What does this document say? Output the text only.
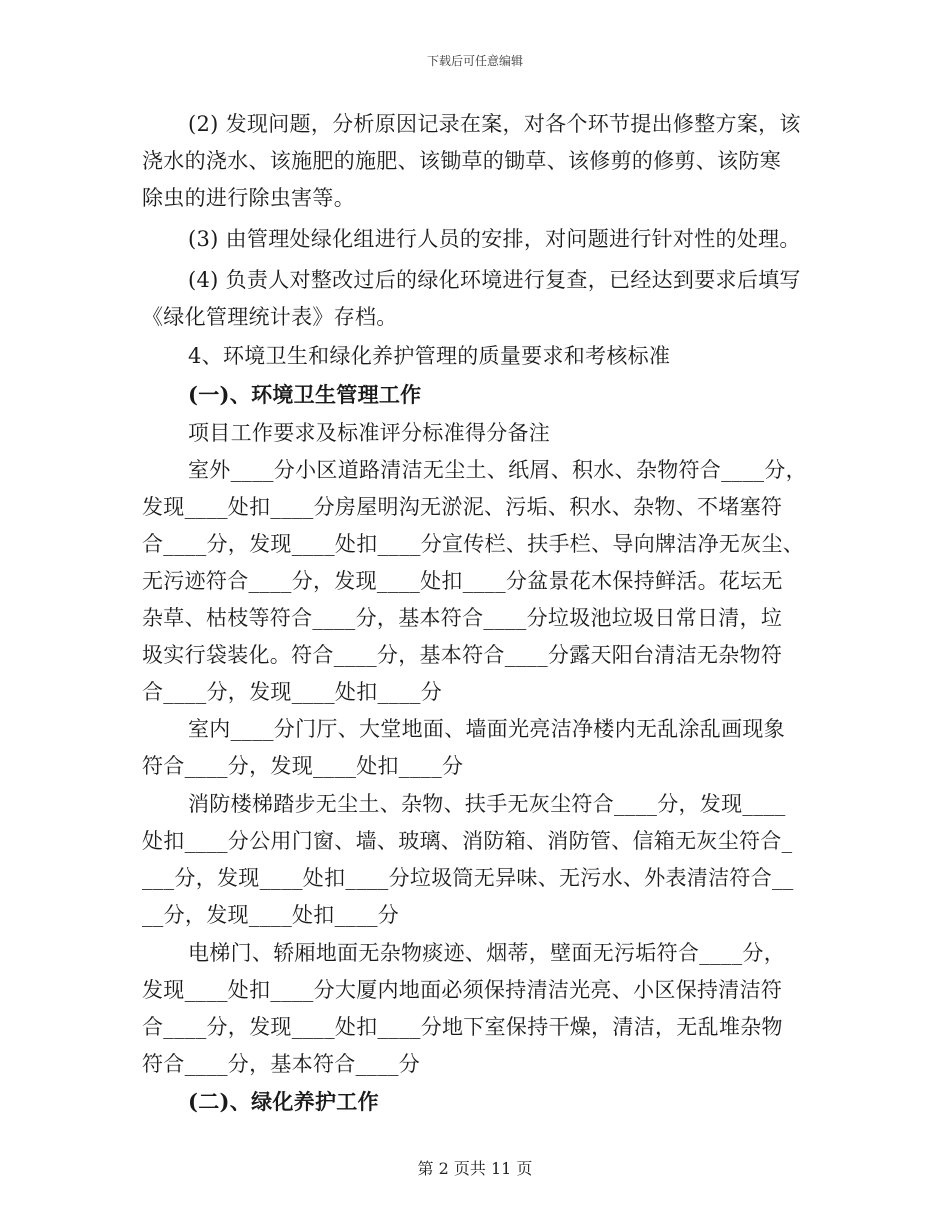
下载后可任意编辑
(2) 发现问题，分析原因记录在案，对各个环节提出修整方案，该
浇水的浇水、该施肥的施肥、该锄草的锄草、该修剪的修剪、该防寒
除虫的进行除虫害等。
(3) 由管理处绿化组进行人员的安排，对问题进行针对性的处理。
(4) 负责人对整改过后的绿化环境进行复查，已经达到要求后填写
《绿化管理统计表》存档。
4、环境卫生和绿化养护管理的质量要求和考核标准
(一)、环境卫生管理工作
项目工作要求及标准评分标准得分备注
室外____分小区道路清洁无尘土、纸屑、积水、杂物符合____分，
发现____处扣____分房屋明沟无淤泥、污垢、积水、杂物、不堵塞符
合____分，发现____处扣____分宣传栏、扶手栏、导向牌洁净无灰尘、
无污迹符合____分，发现____处扣____分盆景花木保持鲜活。花坛无
杂草、枯枝等符合____分，基本符合____分垃圾池垃圾日常日清，垃
圾实行袋装化。符合____分，基本符合____分露天阳台清洁无杂物符
合____分，发现____处扣____分
室内____分门厅、大堂地面、墙面光亮洁净楼内无乱涂乱画现象
符合____分，发现____处扣____分
消防楼梯踏步无尘土、杂物、扶手无灰尘符合____分，发现____
处扣____分公用门窗、墙、玻璃、消防箱、消防管、信箱无灰尘符合_
___分，发现____处扣____分垃圾筒无异味、无污水、外表清洁符合__
__分，发现____处扣____分
电梯门、轿厢地面无杂物痰迹、烟蒂，壁面无污垢符合____分，
发现____处扣____分大厦内地面必须保持清洁光亮、小区保持清洁符
合____分，发现____处扣____分地下室保持干燥，清洁，无乱堆杂物
符合____分，基本符合____分
(二)、绿化养护工作
第 2 页共 11 页
